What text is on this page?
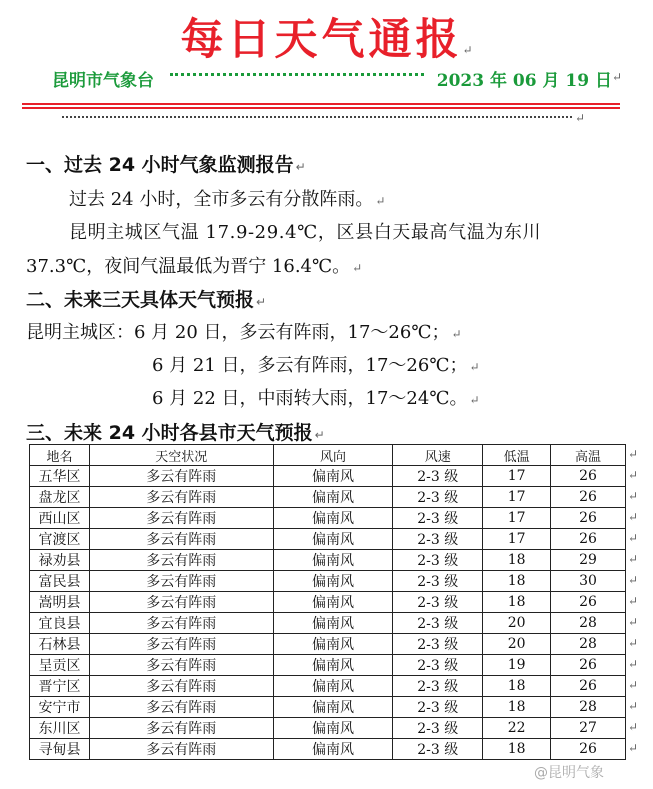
每日天气通报↵
昆明市气象台	2023 年 06 月 19 日 ↵
↵
一、过去 24 小时气象监测报告 ↵
过去 24 小时，全市多云有分散阵雨。 ↵
昆明主城区气温 17.9-29.4℃，区县白天最高气温为东川
37.3℃，夜间气温最低为晋宁 16.4℃。 ↵
二、未来三天具体天气预报 ↵
昆明主城区：6 月 20 日，多云有阵雨，17～26℃； ↵
6 月 21 日，多云有阵雨，17～26℃； ↵
6 月 22 日，中雨转大雨，17～24℃。 ↵
三、未来 24 小时各县市天气预报 ↵
地名	天空状况	风向	风速	低温	高温
五华区	多云有阵雨	偏南风	2-3 级	17	26
盘龙区	多云有阵雨	偏南风	2-3 级	17	26
西山区	多云有阵雨	偏南风	2-3 级	17	26
官渡区	多云有阵雨	偏南风	2-3 级	17	26
禄劝县	多云有阵雨	偏南风	2-3 级	18	29
富民县	多云有阵雨	偏南风	2-3 级	18	30
嵩明县	多云有阵雨	偏南风	2-3 级	18	26
宜良县	多云有阵雨	偏南风	2-3 级	20	28
石林县	多云有阵雨	偏南风	2-3 级	20	28
呈贡区	多云有阵雨	偏南风	2-3 级	19	26
晋宁区	多云有阵雨	偏南风	2-3 级	18	26
安宁市	多云有阵雨	偏南风	2-3 级	18	28
东川区	多云有阵雨	偏南风	2-3 级	22	27
寻甸县	多云有阵雨	偏南风	2-3 级	18	26
↵
↵
↵
↵
↵
↵
↵
↵
↵
↵
↵
↵
↵
↵
↵
@昆明气象
